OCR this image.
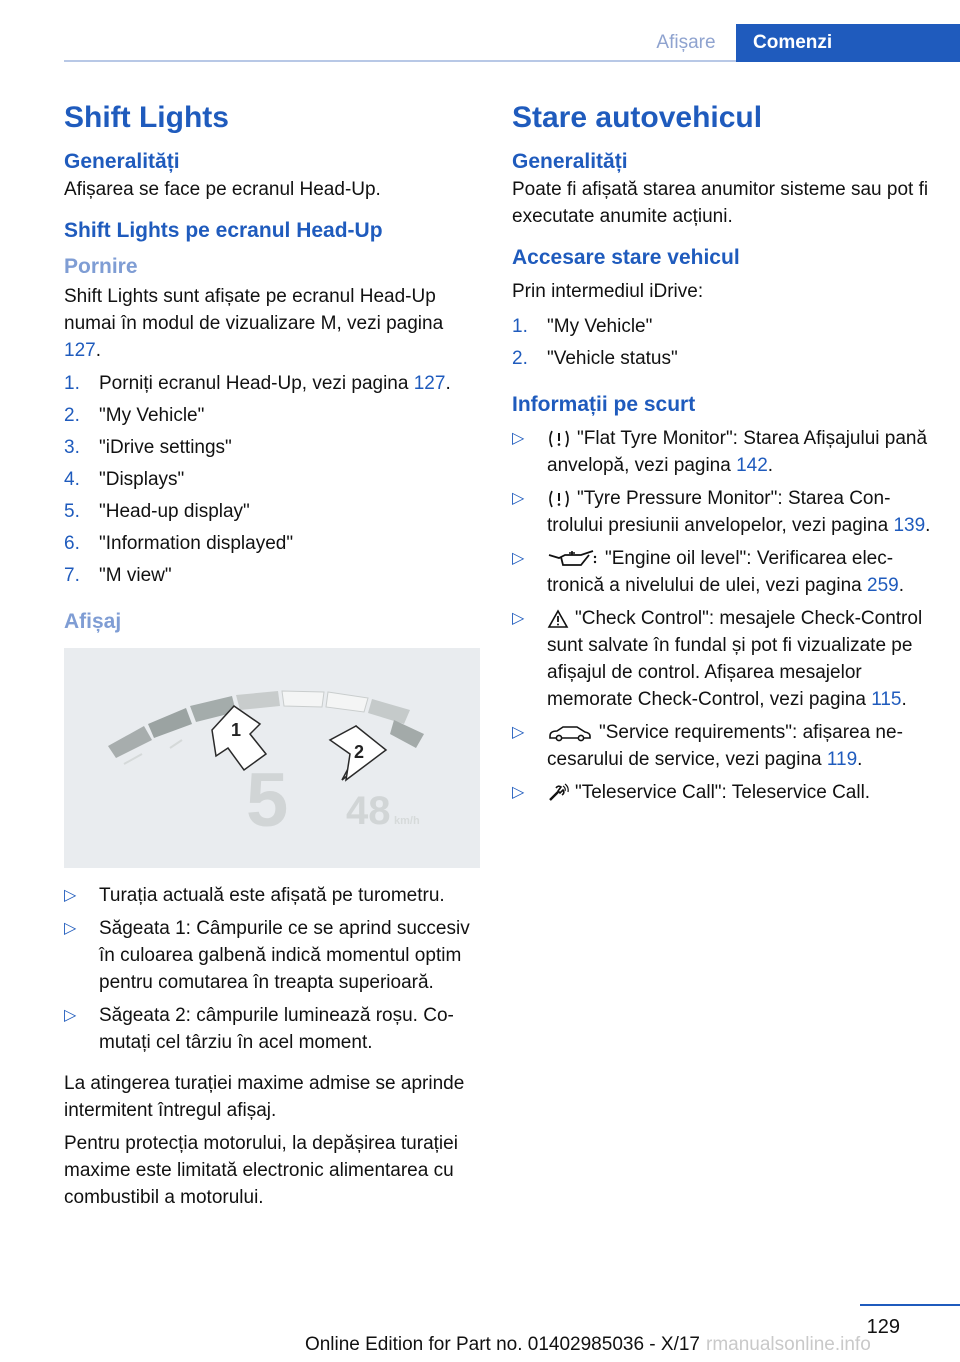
Afișare	Comenzi
Shift Lights
Generalități

Afișarea se face pe ecranul Head-Up.

Shift Lights pe ecranul Head-Up
Pornire

Shift Lights sunt afișate pe ecranul Head-Up numai în modul de vizualizare M, vezi pagina 127.

1. Porniți ecranul Head-Up, vezi pagina 127.
2. "My Vehicle"
3. "iDrive settings"
4. "Displays"
5. "Head-up display"
6. "Information displayed"
7. "M view"
Afișaj
1
2
5 48 km/h
▷ Turația actuală este afișată pe turometru.
▷ Săgeata 1: Câmpurile ce se aprind succesiv în culoarea galbenă indică momentul optim pentru comutarea în treapta superioară.
▷ Săgeata 2: câmpurile luminează roșu. Comutați cel târziu în acel moment.

La atingerea turației maxime admise se aprinde intermitent întregul afișaj.

Pentru protecția motorului, la depășirea turației maxime este limitată electronic alimentarea cu combustibil a motorului.

Stare autovehicul
Generalități

Poate fi afișată starea anumitor sisteme sau pot fi executate anumite acțiuni.

Accesare stare vehicul

Prin intermediul iDrive:

1. "My Vehicle"
2. "Vehicle status"
Informații pe scurt
▷	"Flat Tyre Monitor": Starea Afișajului pană anvelopă, vezi pagina 142.
▷	"Tyre Pressure Monitor": Starea Controlului presiunii anvelopelor, vezi pagina 139.
▷	"Engine oil level": Verificarea electronică a nivelului de ulei, vezi pagina 259.
▷	"Check Control": mesajele Check-Control sunt salvate în fundal și pot fi vizualizate pe afișajul de control. Afișarea mesajelor memorate Check-Control, vezi pagina 115.
▷	"Service requirements": afișarea necesarului de service, vezi pagina 119.
▷	"Teleservice Call": Teleservice Call.
129
Online Edition for Part no. 01402985036 - X/17 rmanualsonline.info
